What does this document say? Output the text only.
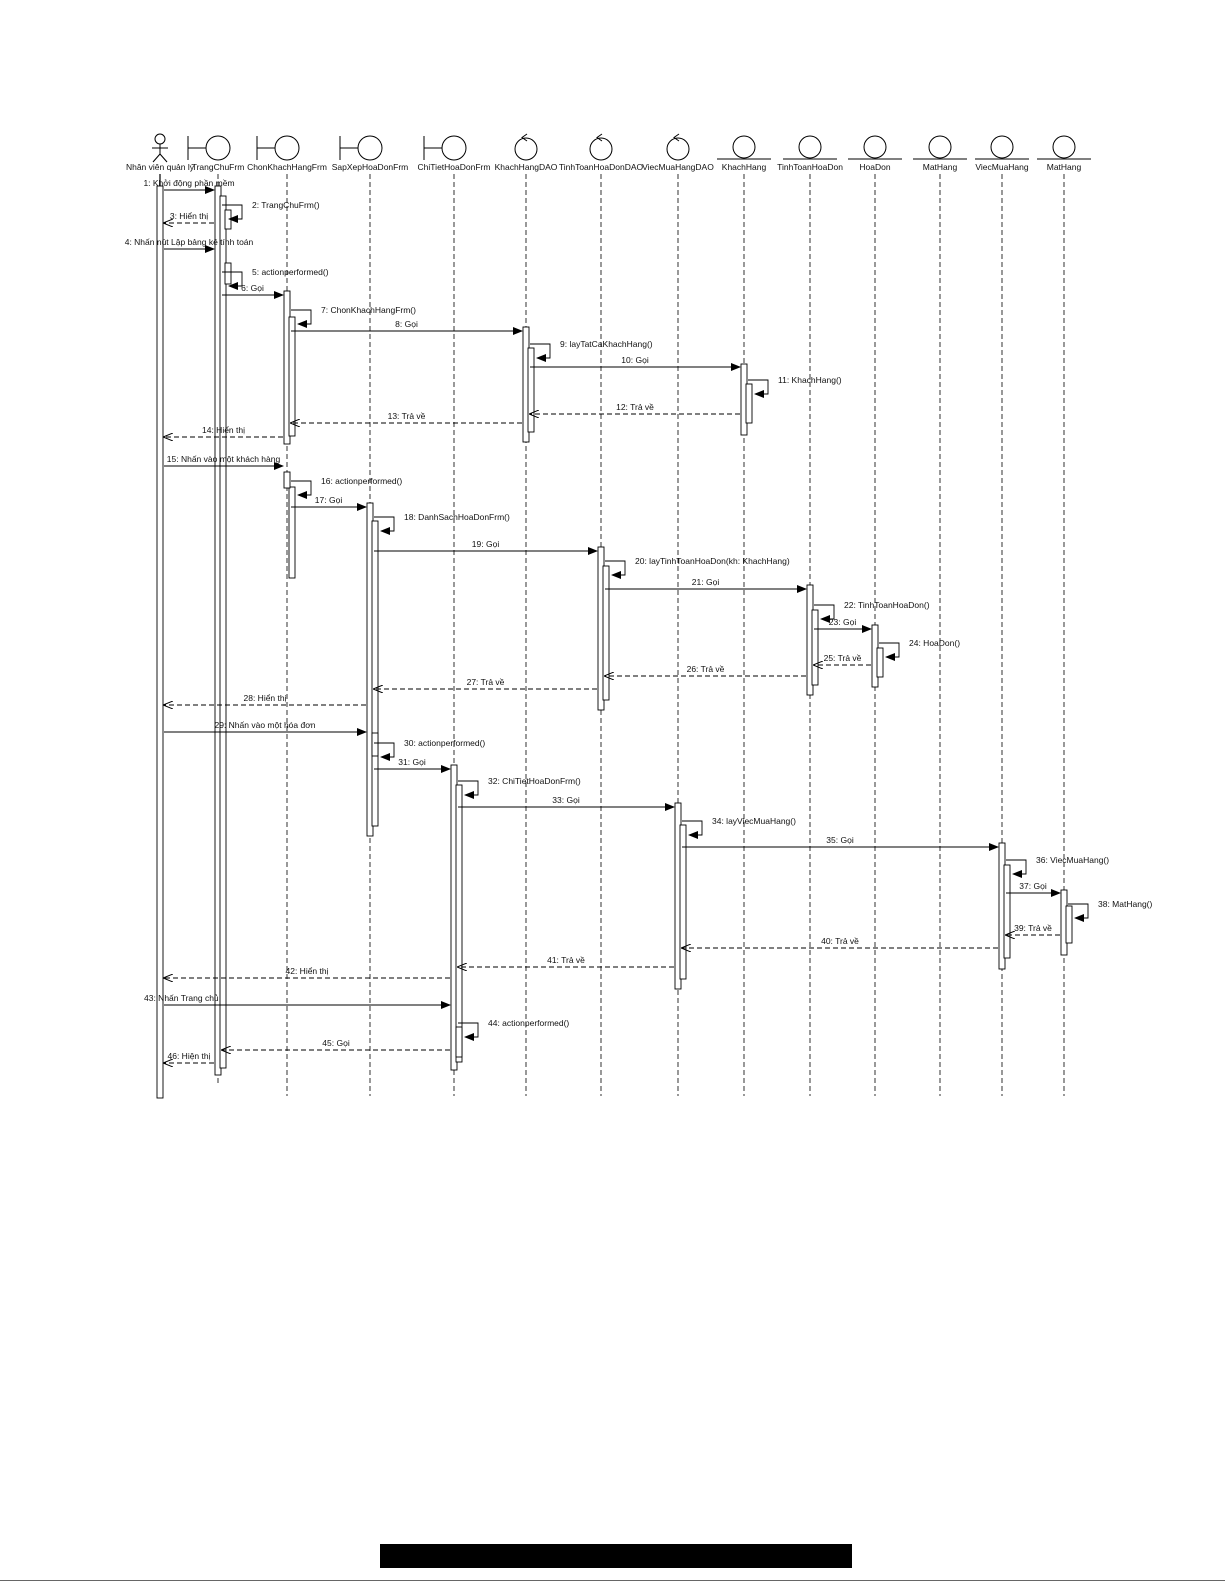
Nhân viên quản lý
TrangChuFrm ChonKhachHangFrm SapXepHoaDonFrm ChiTietHoaDonFrm KhachHangDAO TinhToanHoaDonDAO ViecMuaHangDAO KhachHang TinhToanHoaDon HoaDon	MatHang ViecMuaHang MatHang
1: Khởi động phần mềm
2: TrangChuFrm()
3: Hiển thị
4: Nhấn nút Lập bảng kê tính toán
5: actionperformed()
6: Gọi
7: ChonKhachHangFrm()
8: Gọi
9: layTatCaKhachHang()
10: Gọi
11: KhachHang()
12: Trả về
13: Trả về
14: Hiển thị
15: Nhấn vào một khách hàng
16: actionperformed()
17: Gọi
18: DanhSachHoaDonFrm()
19: Gọi
20: layTinhToanHoaDon(kh: KhachHang)
21: Gọi
22: TinhToanHoaDon()
23: Gọi
24: HoaDon()
25: Trả về
26: Trả về
27: Trả về
28: Hiển thị
29: Nhấn vào một hóa đơn
30: actionperformed()
31: Gọi
32: ChiTietHoaDonFrm()
33: Gọi
34: layViecMuaHang()
35: Gọi
36: ViecMuaHang()
37: Gọi
38: MatHang()
39: Trả về
40: Trả về
41: Trả về
42: Hiển thị
43: Nhấn Trang chủ
44: actionperformed()
45: Gọi
46: Hiện thị
